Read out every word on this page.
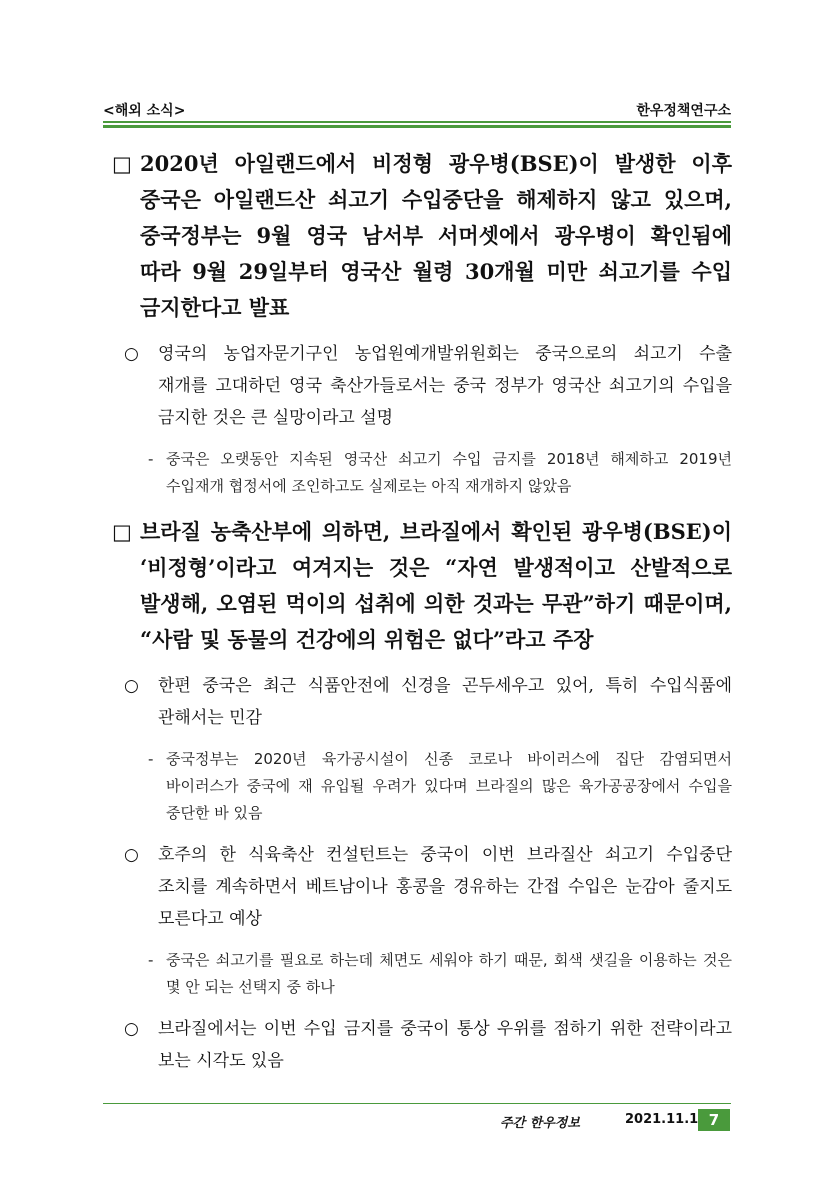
<해외 소식>	한우정책연구소
□ 2020년 아일랜드에서 비정형 광우병(BSE)이 발생한 이후 중국은 아일랜드산 쇠고기 수입중단을 해제하지 않고 있으며, 중국정부는 9월 영국 남서부 서머셋에서 광우병이 확인됨에 따라 9월 29일부터 영국산 월령 30개월 미만 쇠고기를 수입 금지한다고 발표
○ 영국의 농업자문기구인 농업원예개발위원회는 중국으로의 쇠고기 수출 재개를 고대하던 영국 축산가들로서는 중국 정부가 영국산 쇠고기의 수입을 금지한 것은 큰 실망이라고 설명
- 중국은 오랫동안 지속된 영국산 쇠고기 수입 금지를 2018년 해제하고 2019년 수입재개 협정서에 조인하고도 실제로는 아직 재개하지 않았음
□ 브라질 농축산부에 의하면, 브라질에서 확인된 광우병(BSE)이 ‘비정형’이라고 여겨지는 것은 “자연 발생적이고 산발적으로 발생해, 오염된 먹이의 섭취에 의한 것과는 무관”하기 때문이며, “사람 및 동물의 건강에의 위험은 없다”라고 주장
○ 한편 중국은 최근 식품안전에 신경을 곤두세우고 있어, 특히 수입식품에 관해서는 민감
- 중국정부는 2020년 육가공시설이 신종 코로나 바이러스에 집단 감염되면서 바이러스가 중국에 재 유입될 우려가 있다며 브라질의 많은 육가공공장에서 수입을 중단한 바 있음
○ 호주의 한 식육축산 컨설턴트는 중국이 이번 브라질산 쇠고기 수입중단 조치를 계속하면서 베트남이나 홍콩을 경유하는 간접 수입은 눈감아 줄지도 모른다고 예상
- 중국은 쇠고기를 필요로 하는데 체면도 세워야 하기 때문, 회색 샛길을 이용하는 것은 몇 안 되는 선택지 중 하나
○ 브라질에서는 이번 수입 금지를 중국이 통상 우위를 점하기 위한 전략이라고 보는 시각도 있음
주간 한우정보	2021.11.1 7
